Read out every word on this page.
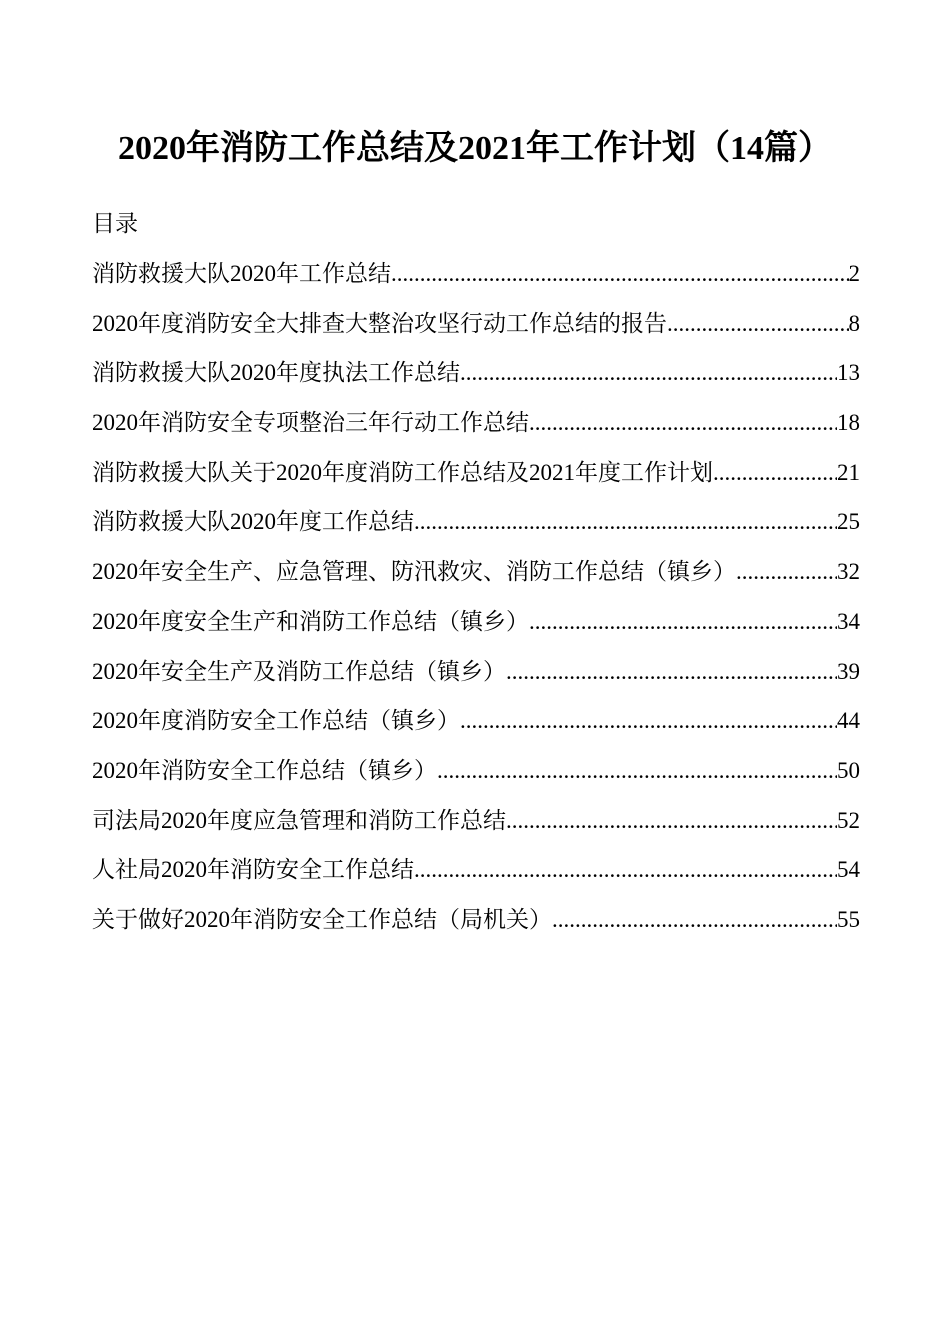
2020年消防工作总结及2021年工作计划（14篇）
目录
消防救援大队2020年工作总结 .....	2
2020年度消防安全大排查大整治攻坚行动工作总结的报告 .....	8
消防救援大队2020年度执法工作总结 .....	13
2020年消防安全专项整治三年行动工作总结 .....	18
消防救援大队关于2020年度消防工作总结及2021年度工作计划 .....	21
消防救援大队2020年度工作总结 .....	25
2020年安全生产、应急管理、防汛救灾、消防工作总结（镇乡） .....	32
2020年度安全生产和消防工作总结（镇乡） .....	34
2020年安全生产及消防工作总结（镇乡） .....	39
2020年度消防安全工作总结（镇乡） .....	44
2020年消防安全工作总结（镇乡） .....	50
司法局2020年度应急管理和消防工作总结 .....	52
人社局2020年消防安全工作总结 .....	54
关于做好2020年消防安全工作总结（局机关） .....	55
